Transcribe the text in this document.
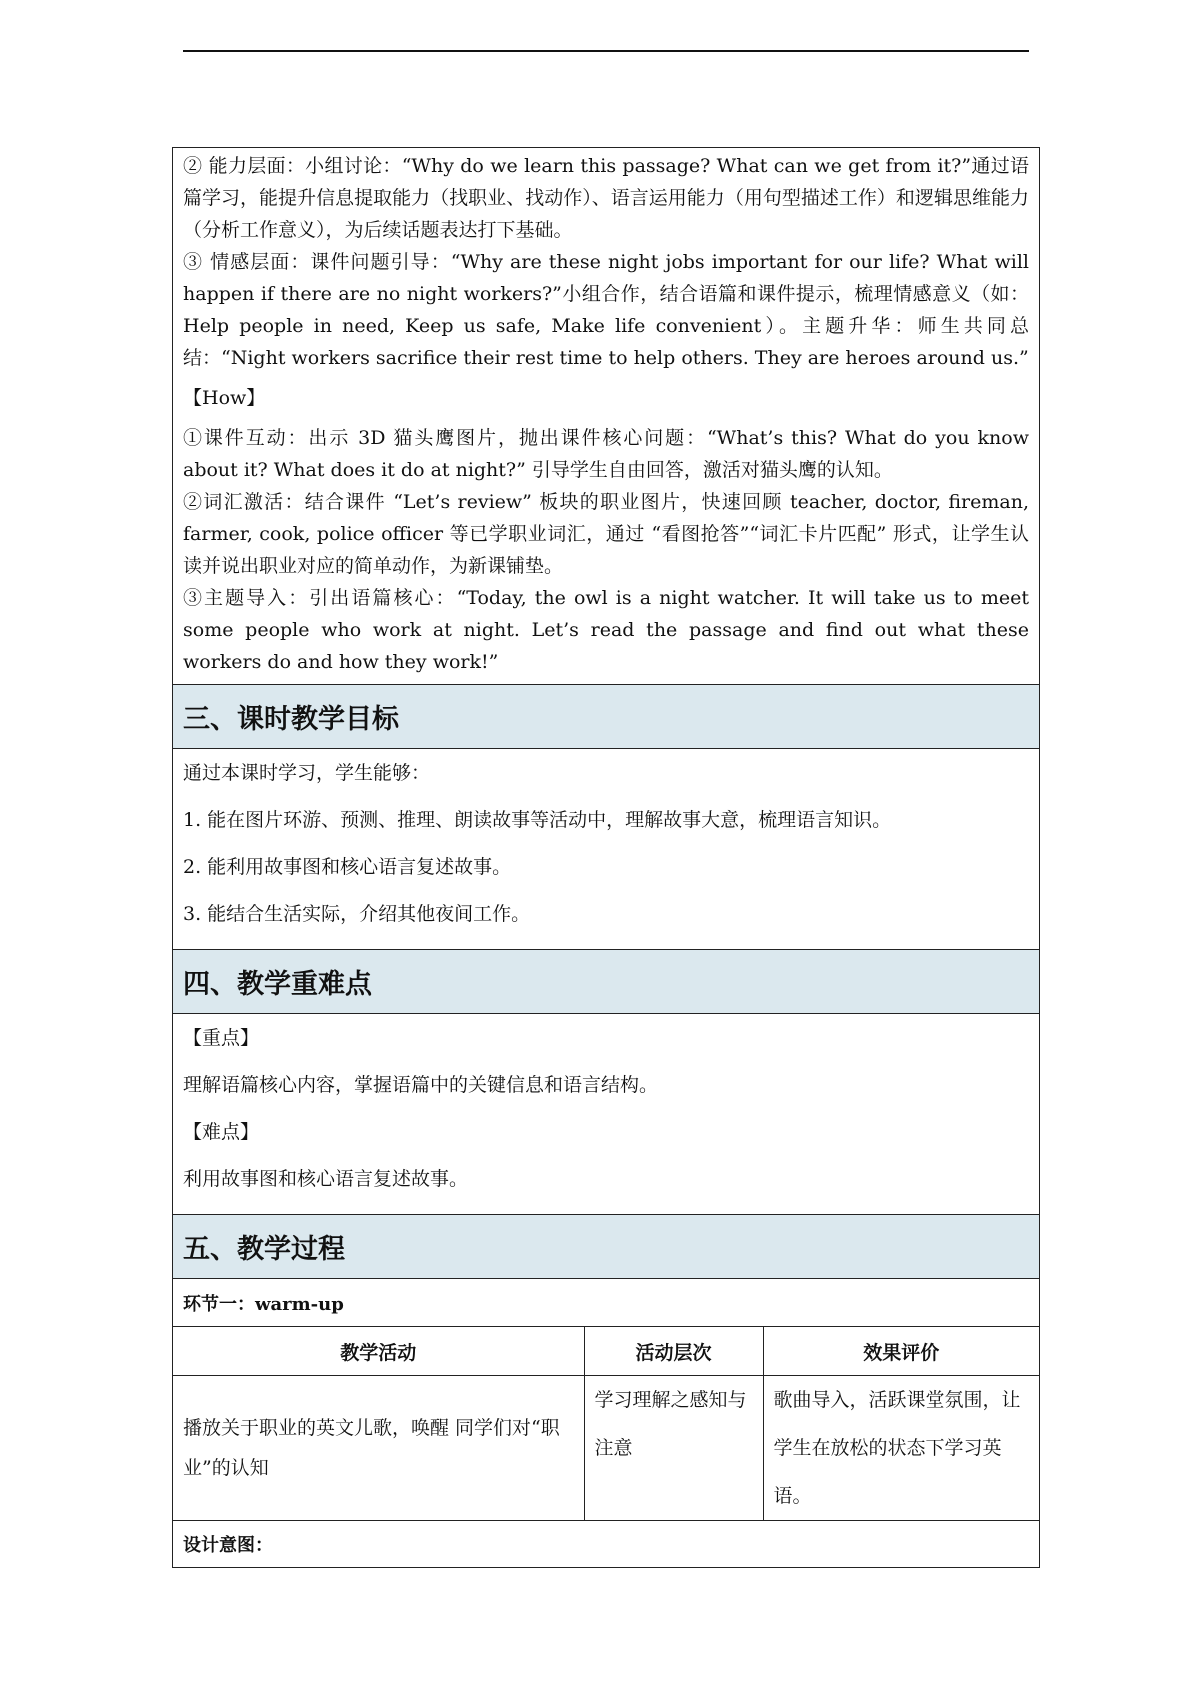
② 能力层面：小组讨论：“Why do we learn this passage? What can we get from it?”通过语篇学习，能提升信息提取能力（找职业、找动作）、语言运用能力（用句型描述工作）和逻辑思维能力（分析工作意义），为后续话题表达打下基础。

③ 情感层面：课件问题引导：“Why are these night jobs important for our life? What will happen if there are no night workers?”小组合作，结合语篇和课件提示，梳理情感意义（如：Help people in need, Keep us safe, Make life convenient）。主题升华：师生共同总结：“Night workers sacrifice their rest time to help others. They are heroes around us.”

【How】

①课件互动：出示 3D 猫头鹰图片，抛出课件核心问题：“What’s this? What do you know about it? What does it do at night?” 引导学生自由回答，激活对猫头鹰的认知。

②词汇激活：结合课件 “Let’s review” 板块的职业图片，快速回顾 teacher, doctor, fireman, farmer, cook, police officer 等已学职业词汇，通过 “看图抢答”“词汇卡片匹配” 形式，让学生认读并说出职业对应的简单动作，为新课铺垫。

③主题导入：引出语篇核心：“Today, the owl is a night watcher. It will take us to meet some people who work at night. Let’s read the passage and find out what these workers do and how they work!”

三、课时教学目标

通过本课时学习，学生能够：

1. 能在图片环游、预测、推理、朗读故事等活动中，理解故事大意，梳理语言知识。

2. 能利用故事图和核心语言复述故事。

3. 能结合生活实际，介绍其他夜间工作。

四、教学重难点

【重点】

理解语篇核心内容，掌握语篇中的关键信息和语言结构。

【难点】

利用故事图和核心语言复述故事。

五、教学过程
环节一：warm-up
教学活动	活动层次	效果评价
播放关于职业的英文儿歌，唤醒 同学们对“职业”的认知	学习理解之感知与注意	歌曲导入，活跃课堂氛围，让学生在放松的状态下学习英语。
设计意图：
